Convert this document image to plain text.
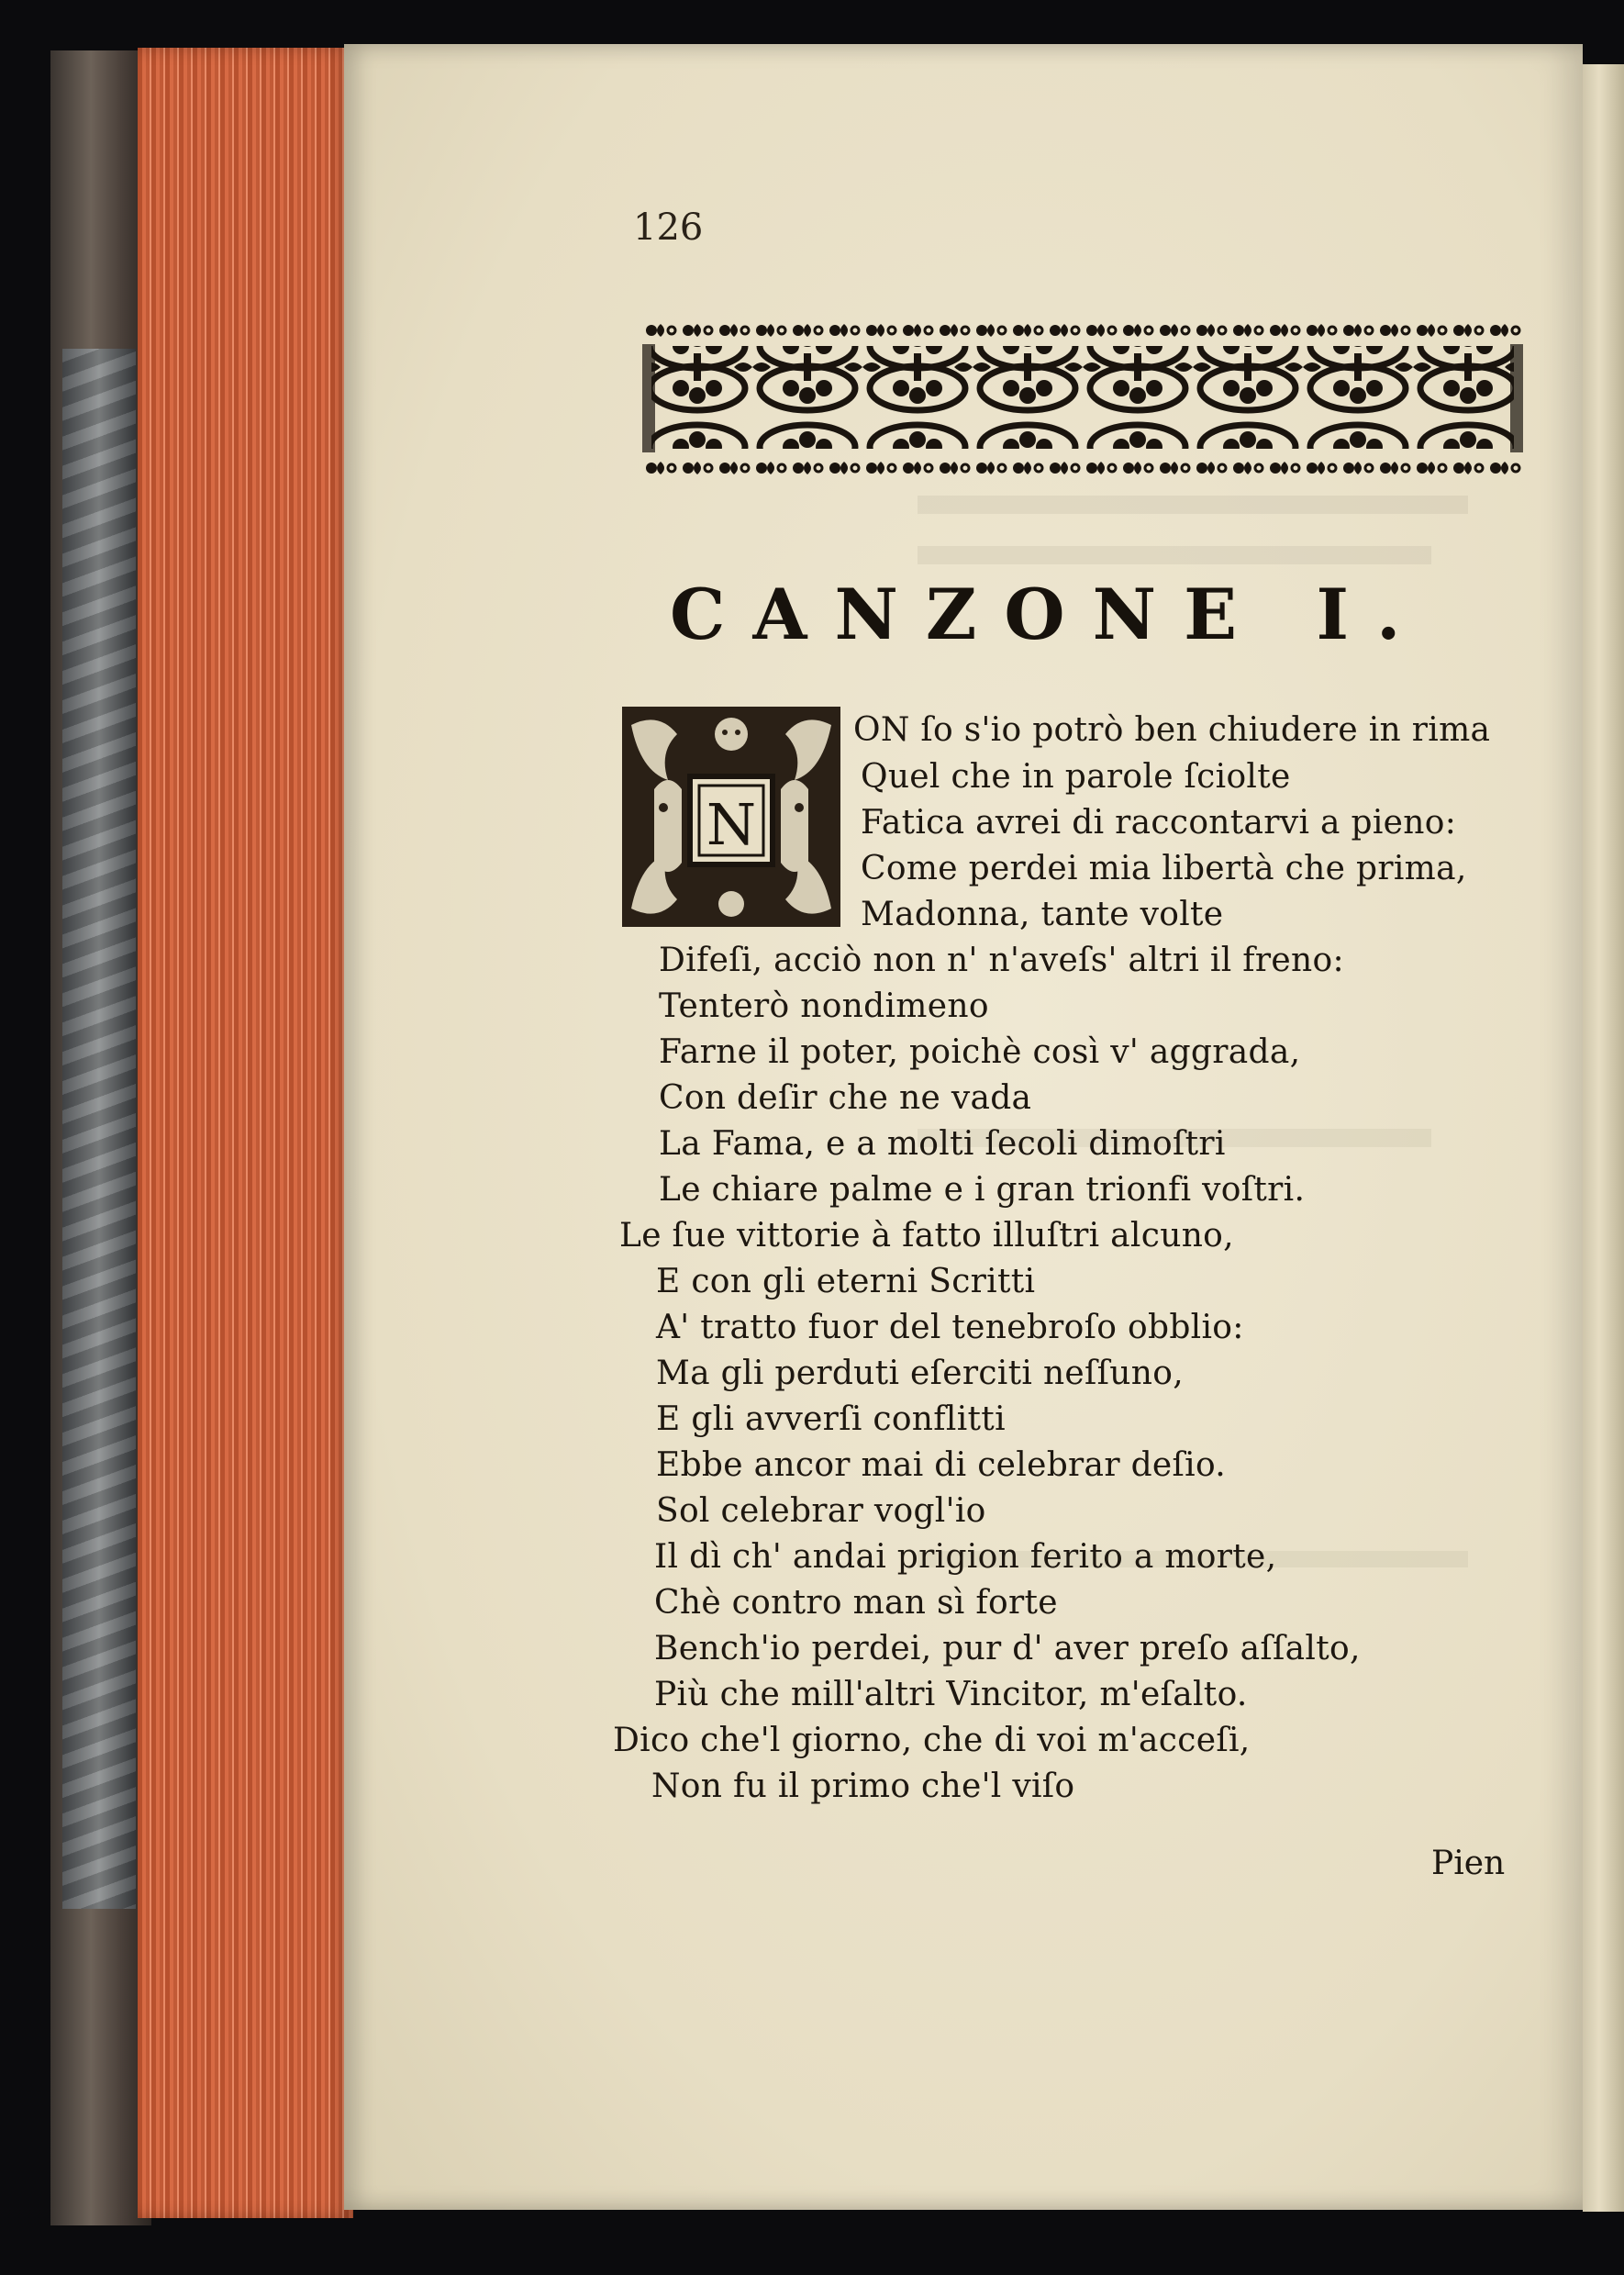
126
CANZONE I.
N
ON ſo s'io potrò ben chiudere in rima
Quel che in parole ſciolte
Fatica avrei di raccontarvi a pieno:
Come perdei mia libertà che prima,
Madonna, tante volte
Difeſi, acciò non n' n'aveſs' altri il freno:
Tenterò nondimeno
Farne il poter, poichè così v' aggrada,
Con deſir che ne vada
La Fama, e a molti ſecoli dimoſtri
Le chiare palme e i gran trionfi voſtri.
Le ſue vittorie à fatto illuſtri alcuno,
E con gli eterni Scritti
A' tratto fuor del tenebroſo obblio:
Ma gli perduti eſerciti neſſuno,
E gli avverſi conflitti
Ebbe ancor mai di celebrar deſio.
Sol celebrar vogl'io
Il dì ch' andai prigion ferito a morte,
Chè contro man sì forte
Bench'io perdei, pur d' aver preſo aſſalto,
Più che mill'altri Vincitor, m'eſalto.
Dico che'l giorno, che di voi m'acceſi,
Non fu il primo che'l viſo
Pien
